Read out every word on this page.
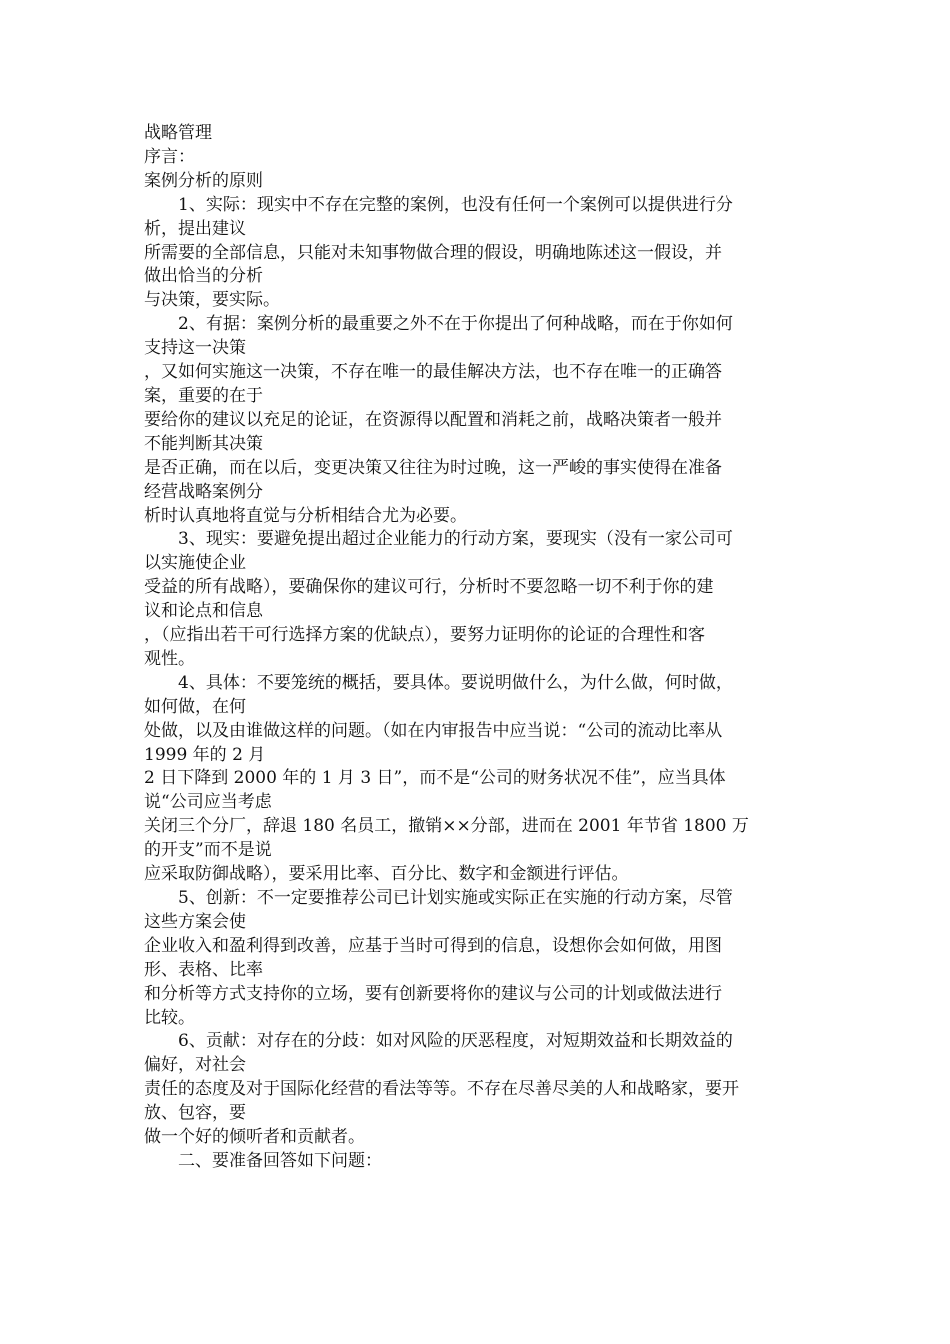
战略管理

序言：

案例分析的原则

1、实际：现实中不存在完整的案例，也没有任何一个案例可以提供进行分

析，提出建议

所需要的全部信息，只能对未知事物做合理的假设，明确地陈述这一假设，并

做出恰当的分析

与决策，要实际。

2、有据：案例分析的最重要之外不在于你提出了何种战略，而在于你如何

支持这一决策

，又如何实施这一决策，不存在唯一的最佳解决方法，也不存在唯一的正确答

案，重要的在于

要给你的建议以充足的论证，在资源得以配置和消耗之前，战略决策者一般并

不能判断其决策

是否正确，而在以后，变更决策又往往为时过晚，这一严峻的事实使得在准备

经营战略案例分

析时认真地将直觉与分析相结合尤为必要。

3、现实：要避免提出超过企业能力的行动方案，要现实（没有一家公司可

以实施使企业

受益的所有战略），要确保你的建议可行，分析时不要忽略一切不利于你的建

议和论点和信息

，（应指出若干可行选择方案的优缺点），要努力证明你的论证的合理性和客

观性。

4、具体：不要笼统的概括，要具体。要说明做什么，为什么做，何时做，

如何做，在何

处做，以及由谁做这样的问题。（如在内审报告中应当说：“公司的流动比率从

1999 年的 2 月

2 日下降到 2000 年的 1 月 3 日”，而不是“公司的财务状况不佳”，应当具体

说“公司应当考虑

关闭三个分厂，辞退 180 名员工，撤销××分部，进而在 2001 年节省 1800 万

的开支”而不是说

应采取防御战略），要采用比率、百分比、数字和金额进行评估。

5、创新：不一定要推荐公司已计划实施或实际正在实施的行动方案，尽管

这些方案会使

企业收入和盈利得到改善，应基于当时可得到的信息，设想你会如何做，用图

形、表格、比率

和分析等方式支持你的立场，要有创新要将你的建议与公司的计划或做法进行

比较。

6、贡献：对存在的分歧：如对风险的厌恶程度，对短期效益和长期效益的

偏好，对社会

责任的态度及对于国际化经营的看法等等。不存在尽善尽美的人和战略家，要开

放、包容，要

做一个好的倾听者和贡献者。

二、要准备回答如下问题：
